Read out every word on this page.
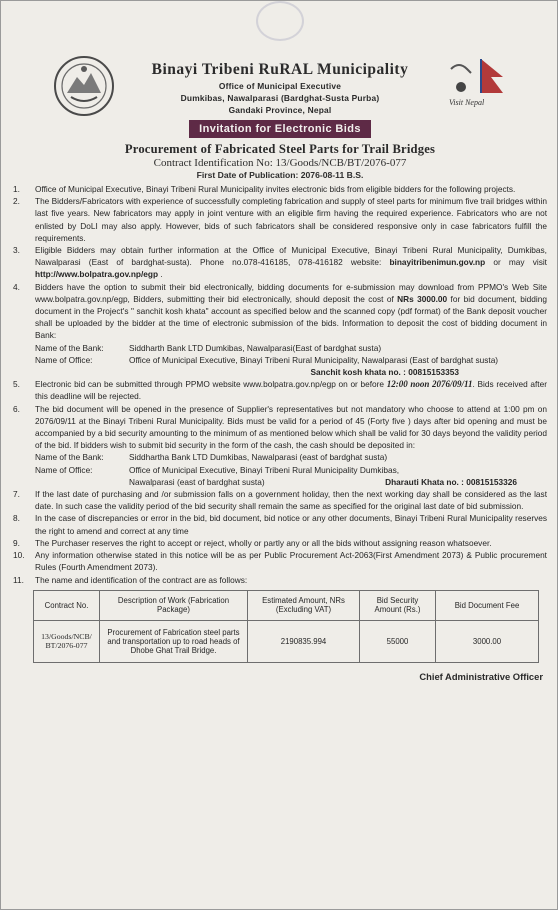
Visit Nepal
Binayi Tribeni RuRAL Municipality
Office of Municipal Executive
Dumkibas, Nawalparasi (Bardghat-Susta Purba)
Gandaki Province, Nepal
Invitation for Electronic Bids
Procurement of Fabricated Steel Parts for Trail Bridges
Contract Identification No: 13/Goods/NCB/BT/2076-077
First Date of Publication: 2076-08-11 B.S.
1.	Office of Municipal Executive, Binayi Tribeni Rural Municipality invites electronic bids from eligible bidders for the following projects.
2.	The Bidders/Fabricators with experience of successfully completing fabrication and supply of steel parts for minimum five trail bridges within last five years. New fabricators may apply in joint venture with an eligible firm having the required experience. Fabricators who are not enlisted by DoLI may also apply. However, bids of such fabricators shall be considered responsive only in case fabricators fulfill the requirements.
3.	Eligible Bidders may obtain further information at the Office of Municipal Executive, Binayi Tribeni Rural Municipality, Dumkibas, Nawalparasi (East of bardghat-susta). Phone no.078-416185, 078-416182 website: binayitribenimun.gov.np or may visit http://www.bolpatra.gov.np/egp .
4.	Bidders have the option to submit their bid electronically, bidding documents for e-submission may download from PPMO's Web Site www.bolpatra.gov.np/egp, Bidders, submitting their bid electronically, should deposit the cost of NRs 3000.00 for bid document, bidding document in the Project's " sanchit kosh khata" account as specified below and the scanned copy (pdf format) of the Bank deposit voucher shall be uploaded by the bidder at the time of electronic submission of the bids. Information to deposit the cost of bidding document in Bank:
Name of the Bank:	Siddharth Bank LTD Dumkibas, Nawalparasi(East of bardghat susta)
Name of Office:	Office of Municipal Executive, Binayi Tribeni Rural Municipality, Nawalparasi (East of bardghat susta)
Sanchit kosh khata no. : 00815153353
5.	Electronic bid can be submitted through PPMO website www.bolpatra.gov.np/egp on or before 12:00 noon 2076/09/11. Bids received after this deadline will be rejected.
6.	The bid document will be opened in the presence of Supplier's representatives but not mandatory who choose to attend at 1:00 pm on 2076/09/11 at the Binayi Tribeni Rural Municipality. Bids must be valid for a period of 45 (Forty five ) days after bid opening and must be accompanied by a bid security amounting to the minimum of as mentioned below which shall be valid for 30 days beyond the validity period of the bid. If bidders wish to submit bid security in the form of the cash, the cash should be deposited in:
Name of the Bank:	Siddhartha Bank LTD Dumkibas, Nawalparasi (east of bardghat susta)
Name of Office:	Office of Municipal Executive, Binayi Tribeni Rural Municipality Dumkibas,
Nawalparasi (east of bardghat susta)	Dharauti Khata no. : 00815153326
7.	If the last date of purchasing and /or submission falls on a government holiday, then the next working day shall be considered as the last date. In such case the validity period of the bid security shall remain the same as specified for the original last date of bid submission.
8.	In the case of discrepancies or error in the bid, bid document, bid notice or any other documents, Binayi Tribeni Rural Municipality reserves the right to amend and correct at any time
9.	The Purchaser reserves the right to accept or reject, wholly or partly any or all the bids without assigning reason whatsoever.
10.	Any information otherwise stated in this notice will be as per Public Procurement Act-2063(First Amendment 2073) & Public procurement Rules (Fourth Amendment 2073).
11.	The name and identification of the contract are as follows:
Contract No.	Description of Work (Fabrication Package)	Estimated Amount, NRs (Excluding VAT)	Bid Security Amount (Rs.)	Bid Document Fee
13/Goods/NCB/ BT/2076-077	Procurement of Fabrication steel parts and transportation up to road heads of Dhobe Ghat Trail Bridge.	2190835.994	55000	3000.00
Chief Administrative Officer
